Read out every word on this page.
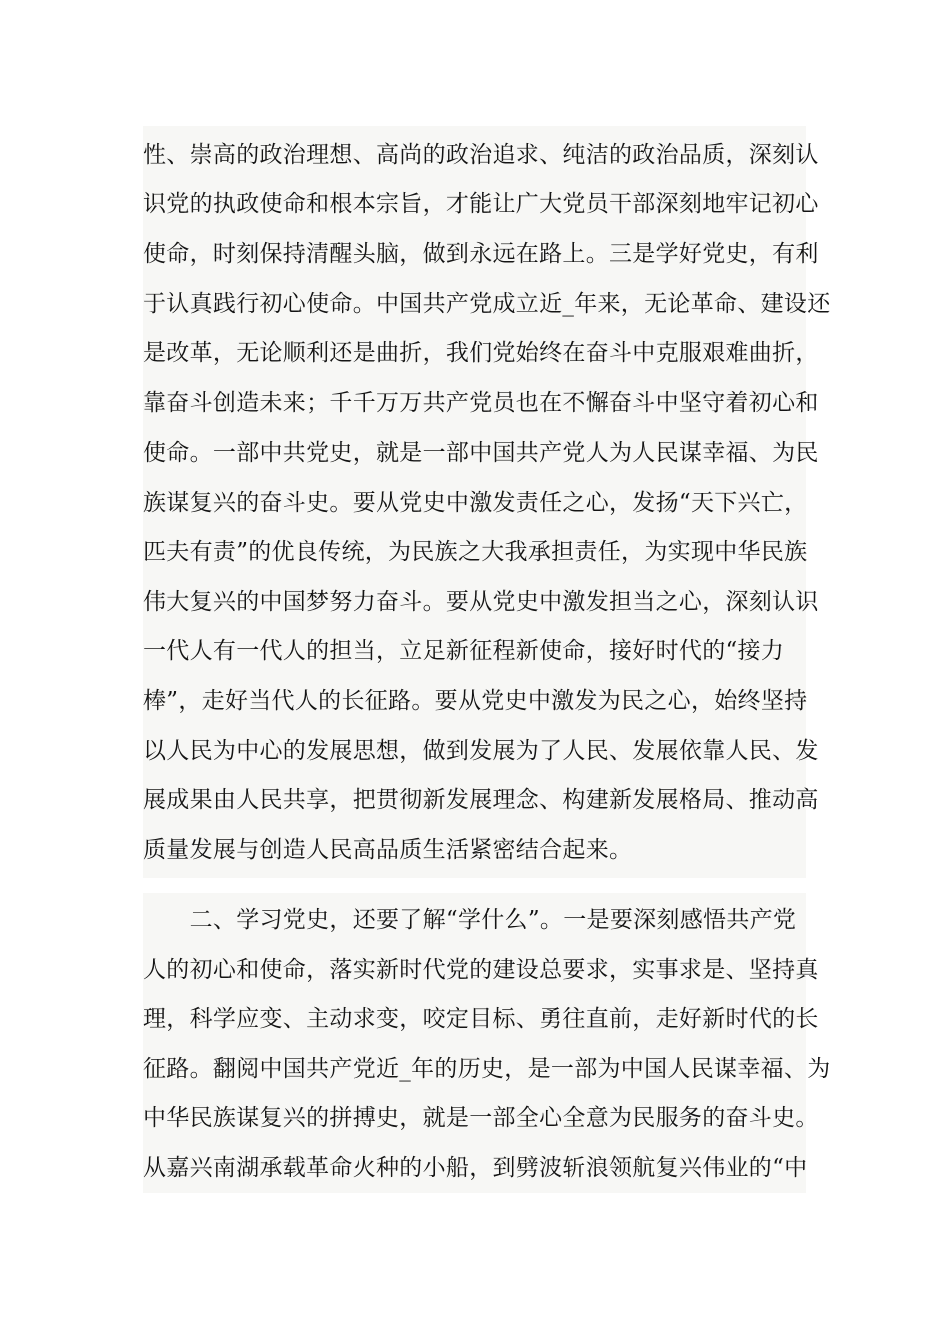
性、崇高的政治理想、高尚的政治追求、纯洁的政治品质，深刻认
识党的执政使命和根本宗旨，才能让广大党员干部深刻地牢记初心
使命，时刻保持清醒头脑，做到永远在路上。三是学好党史，有利
于认真践行初心使命。中国共产党成立近_年来，无论革命、建设还
是改革，无论顺利还是曲折，我们党始终在奋斗中克服艰难曲折，
靠奋斗创造未来；千千万万共产党员也在不懈奋斗中坚守着初心和
使命。一部中共党史，就是一部中国共产党人为人民谋幸福、为民
族谋复兴的奋斗史。要从党史中激发责任之心，发扬“天下兴亡，
匹夫有责”的优良传统，为民族之大我承担责任，为实现中华民族
伟大复兴的中国梦努力奋斗。要从党史中激发担当之心，深刻认识
一代人有一代人的担当，立足新征程新使命，接好时代的“接力
棒”，走好当代人的长征路。要从党史中激发为民之心，始终坚持
以人民为中心的发展思想，做到发展为了人民、发展依靠人民、发
展成果由人民共享，把贯彻新发展理念、构建新发展格局、推动高
质量发展与创造人民高品质生活紧密结合起来。
　　二、学习党史，还要了解“学什么”。一是要深刻感悟共产党
人的初心和使命，落实新时代党的建设总要求，实事求是、坚持真
理，科学应变、主动求变，咬定目标、勇往直前，走好新时代的长
征路。翻阅中国共产党近_年的历史，是一部为中国人民谋幸福、为
中华民族谋复兴的拼搏史，就是一部全心全意为民服务的奋斗史。
从嘉兴南湖承载革命火种的小船，到劈波斩浪领航复兴伟业的“中
